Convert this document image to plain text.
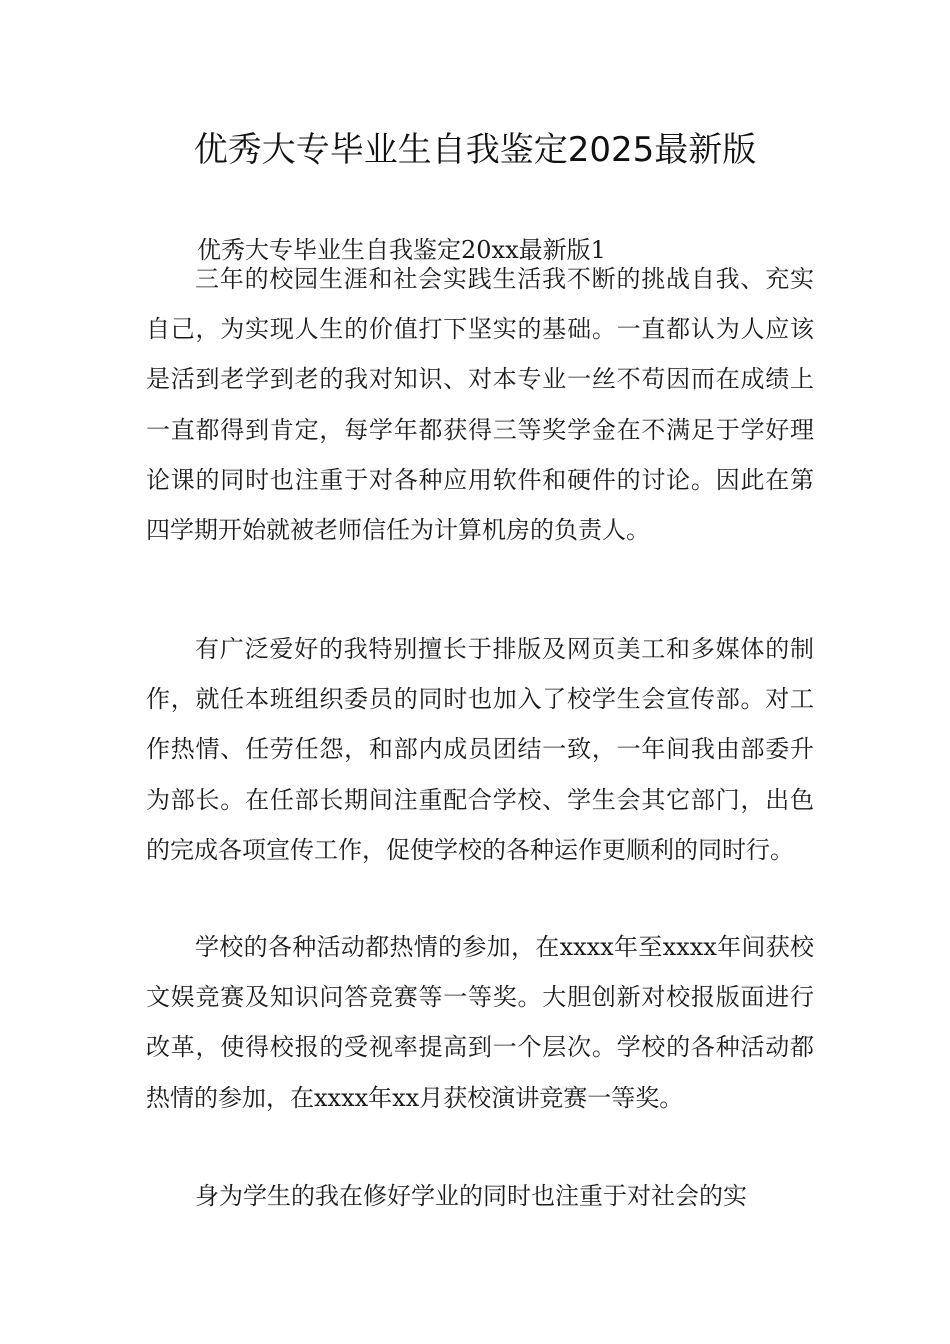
优秀大专毕业生自我鉴定2025最新版
优秀大专毕业生自我鉴定20xx最新版1

三年的校园生涯和社会实践生活我不断的挑战自我、充实自己，为实现人生的价值打下坚实的基础。一直都认为人应该是活到老学到老的我对知识、对本专业一丝不苟因而在成绩上一直都得到肯定，每学年都获得三等奖学金在不满足于学好理论课的同时也注重于对各种应用软件和硬件的讨论。因此在第四学期开始就被老师信任为计算机房的负责人。

有广泛爱好的我特别擅长于排版及网页美工和多媒体的制作，就任本班组织委员的同时也加入了校学生会宣传部。对工作热情、任劳任怨，和部内成员团结一致，一年间我由部委升为部长。在任部长期间注重配合学校、学生会其它部门，出色的完成各项宣传工作，促使学校的各种运作更顺利的同时行。

学校的各种活动都热情的参加，在xxxx年至xxxx年间获校文娱竞赛及知识问答竞赛等一等奖。大胆创新对校报版面进行改革，使得校报的受视率提高到一个层次。学校的各种活动都热情的参加，在xxxx年xx月获校演讲竞赛一等奖。

身为学生的我在修好学业的同时也注重于对社会的实
